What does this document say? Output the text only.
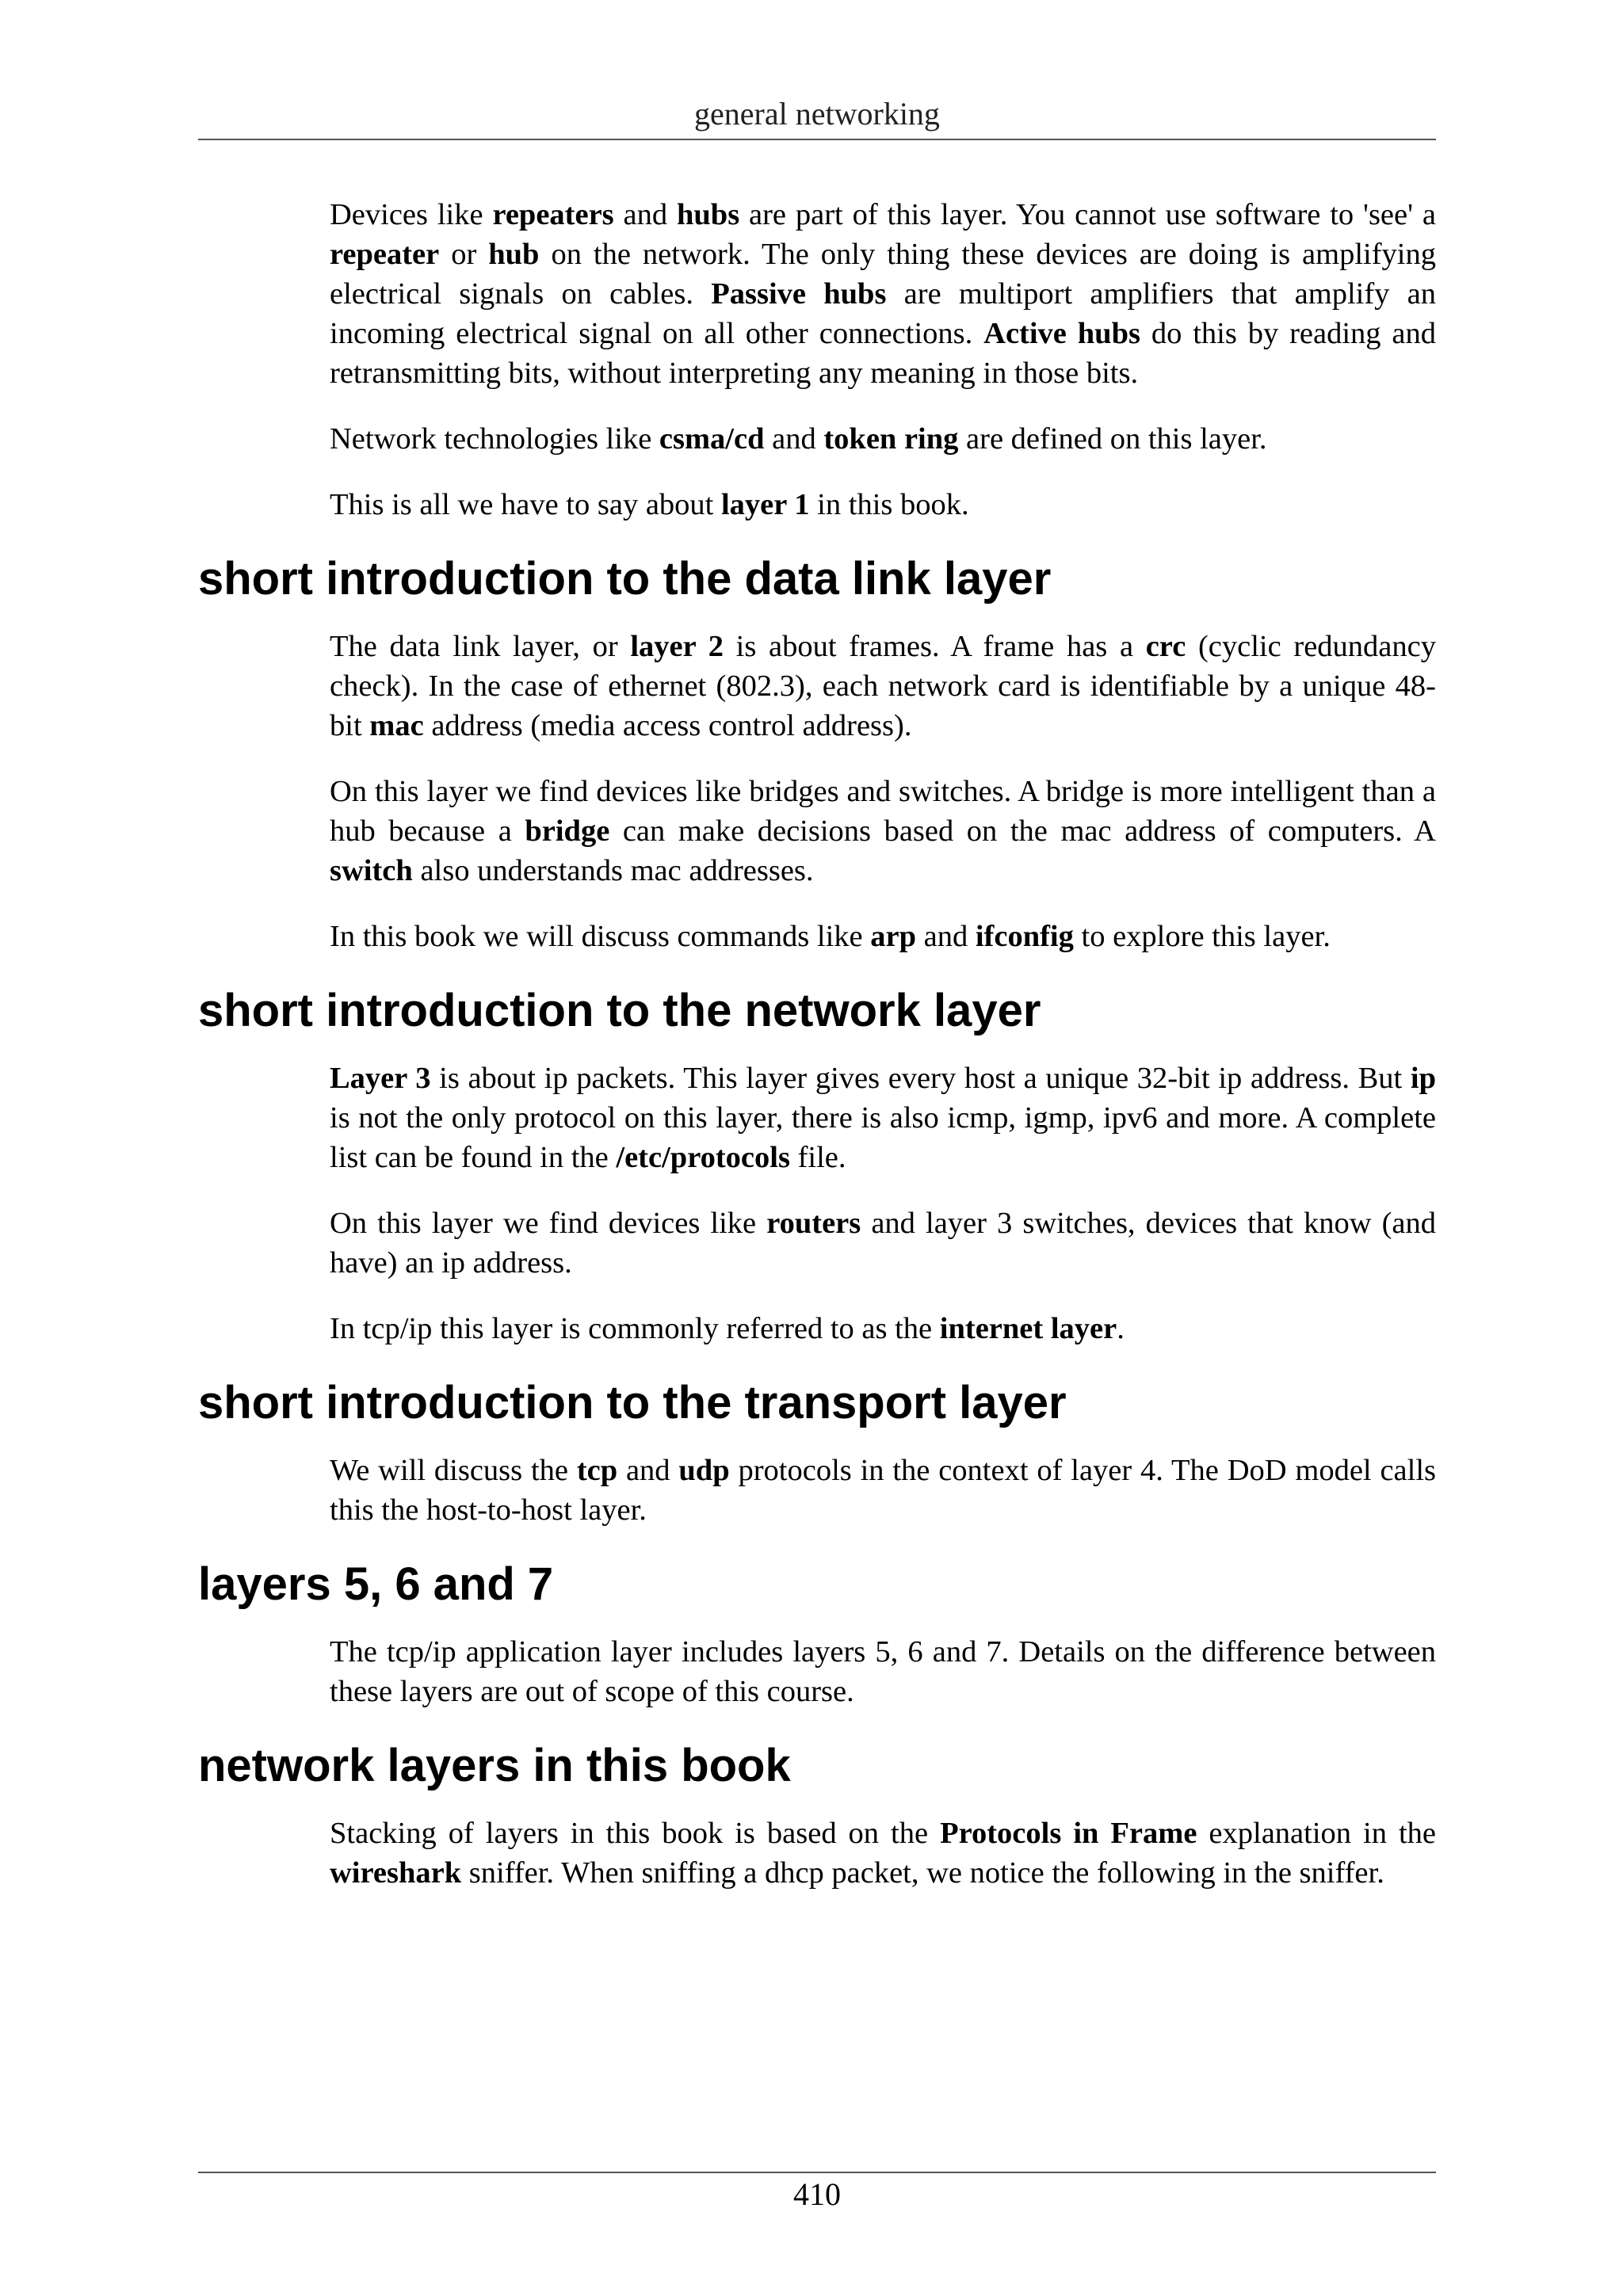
general networking

Devices like repeaters and hubs are part of this layer. You cannot use software to 'see' a repeater or hub on the network. The only thing these devices are doing is amplifying electrical signals on cables. Passive hubs are multiport amplifiers that amplify an incoming electrical signal on all other connections. Active hubs do this by reading and retransmitting bits, without interpreting any meaning in those bits.

Network technologies like csma/cd and token ring are defined on this layer.

This is all we have to say about layer 1 in this book.

short introduction to the data link layer

The data link layer, or layer 2 is about frames. A frame has a crc (cyclic redundancy check). In the case of ethernet (802.3), each network card is identifiable by a unique 48-bit mac address (media access control address).

On this layer we find devices like bridges and switches. A bridge is more intelligent than a hub because a bridge can make decisions based on the mac address of computers. A switch also understands mac addresses.

In this book we will discuss commands like arp and ifconfig to explore this layer.

short introduction to the network layer

Layer 3 is about ip packets. This layer gives every host a unique 32-bit ip address. But ip is not the only protocol on this layer, there is also icmp, igmp, ipv6 and more. A complete list can be found in the /etc/protocols file.

On this layer we find devices like routers and layer 3 switches, devices that know (and have) an ip address.

In tcp/ip this layer is commonly referred to as the internet layer.

short introduction to the transport layer

We will discuss the tcp and udp protocols in the context of layer 4. The DoD model calls this the host-to-host layer.

layers 5, 6 and 7

The tcp/ip application layer includes layers 5, 6 and 7. Details on the difference between these layers are out of scope of this course.

network layers in this book

Stacking of layers in this book is based on the Protocols in Frame explanation in the wireshark sniffer. When sniffing a dhcp packet, we notice the following in the sniffer.

410
